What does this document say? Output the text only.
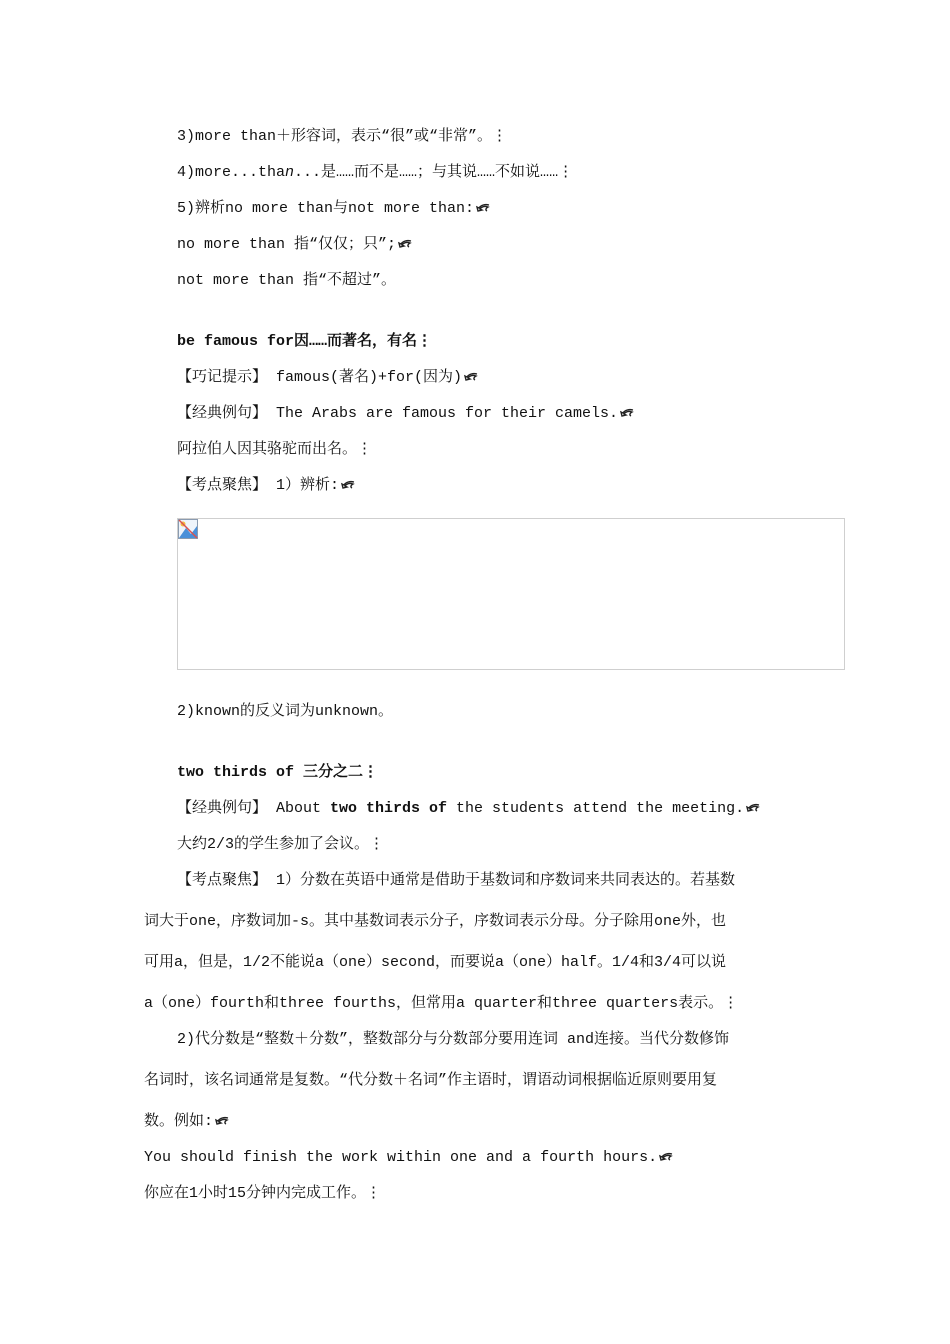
3)more than＋形容词，表示“很”或“非常”。⋮
4)more...than...是……而不是……；与其说……不如说……⋮
5)辨析no more than与not more than:
no more than 指“仅仅；只”;
not more than 指“不超过”。
be famous for因……而著名，有名⋮
【巧记提示】 famous(著名)+for(因为)
【经典例句】 The Arabs are famous for their camels.
阿拉伯人因其骆驼而出名。⋮
【考点聚焦】 1）辨析:
2)known的反义词为unknown。
two thirds of 三分之二⋮
【经典例句】 About two thirds of the students attend the meeting.
大约2/3的学生参加了会议。⋮
【考点聚焦】 1）分数在英语中通常是借助于基数词和序数词来共同表达的。若基数
词大于one，序数词加-s。其中基数词表示分子，序数词表示分母。分子除用one外，也
可用a，但是，1/2不能说a（one）second，而要说a（one）half。1/4和3/4可以说
a（one）fourth和three fourths，但常用a quarter和three quarters表示。⋮
2)代分数是“整数＋分数”，整数部分与分数部分要用连词 and连接。当代分数修饰
名词时，该名词通常是复数。“代分数＋名词”作主语时，谓语动词根据临近原则要用复
数。例如:
You should finish the work within one and a fourth hours.
你应在1小时15分钟内完成工作。⋮
